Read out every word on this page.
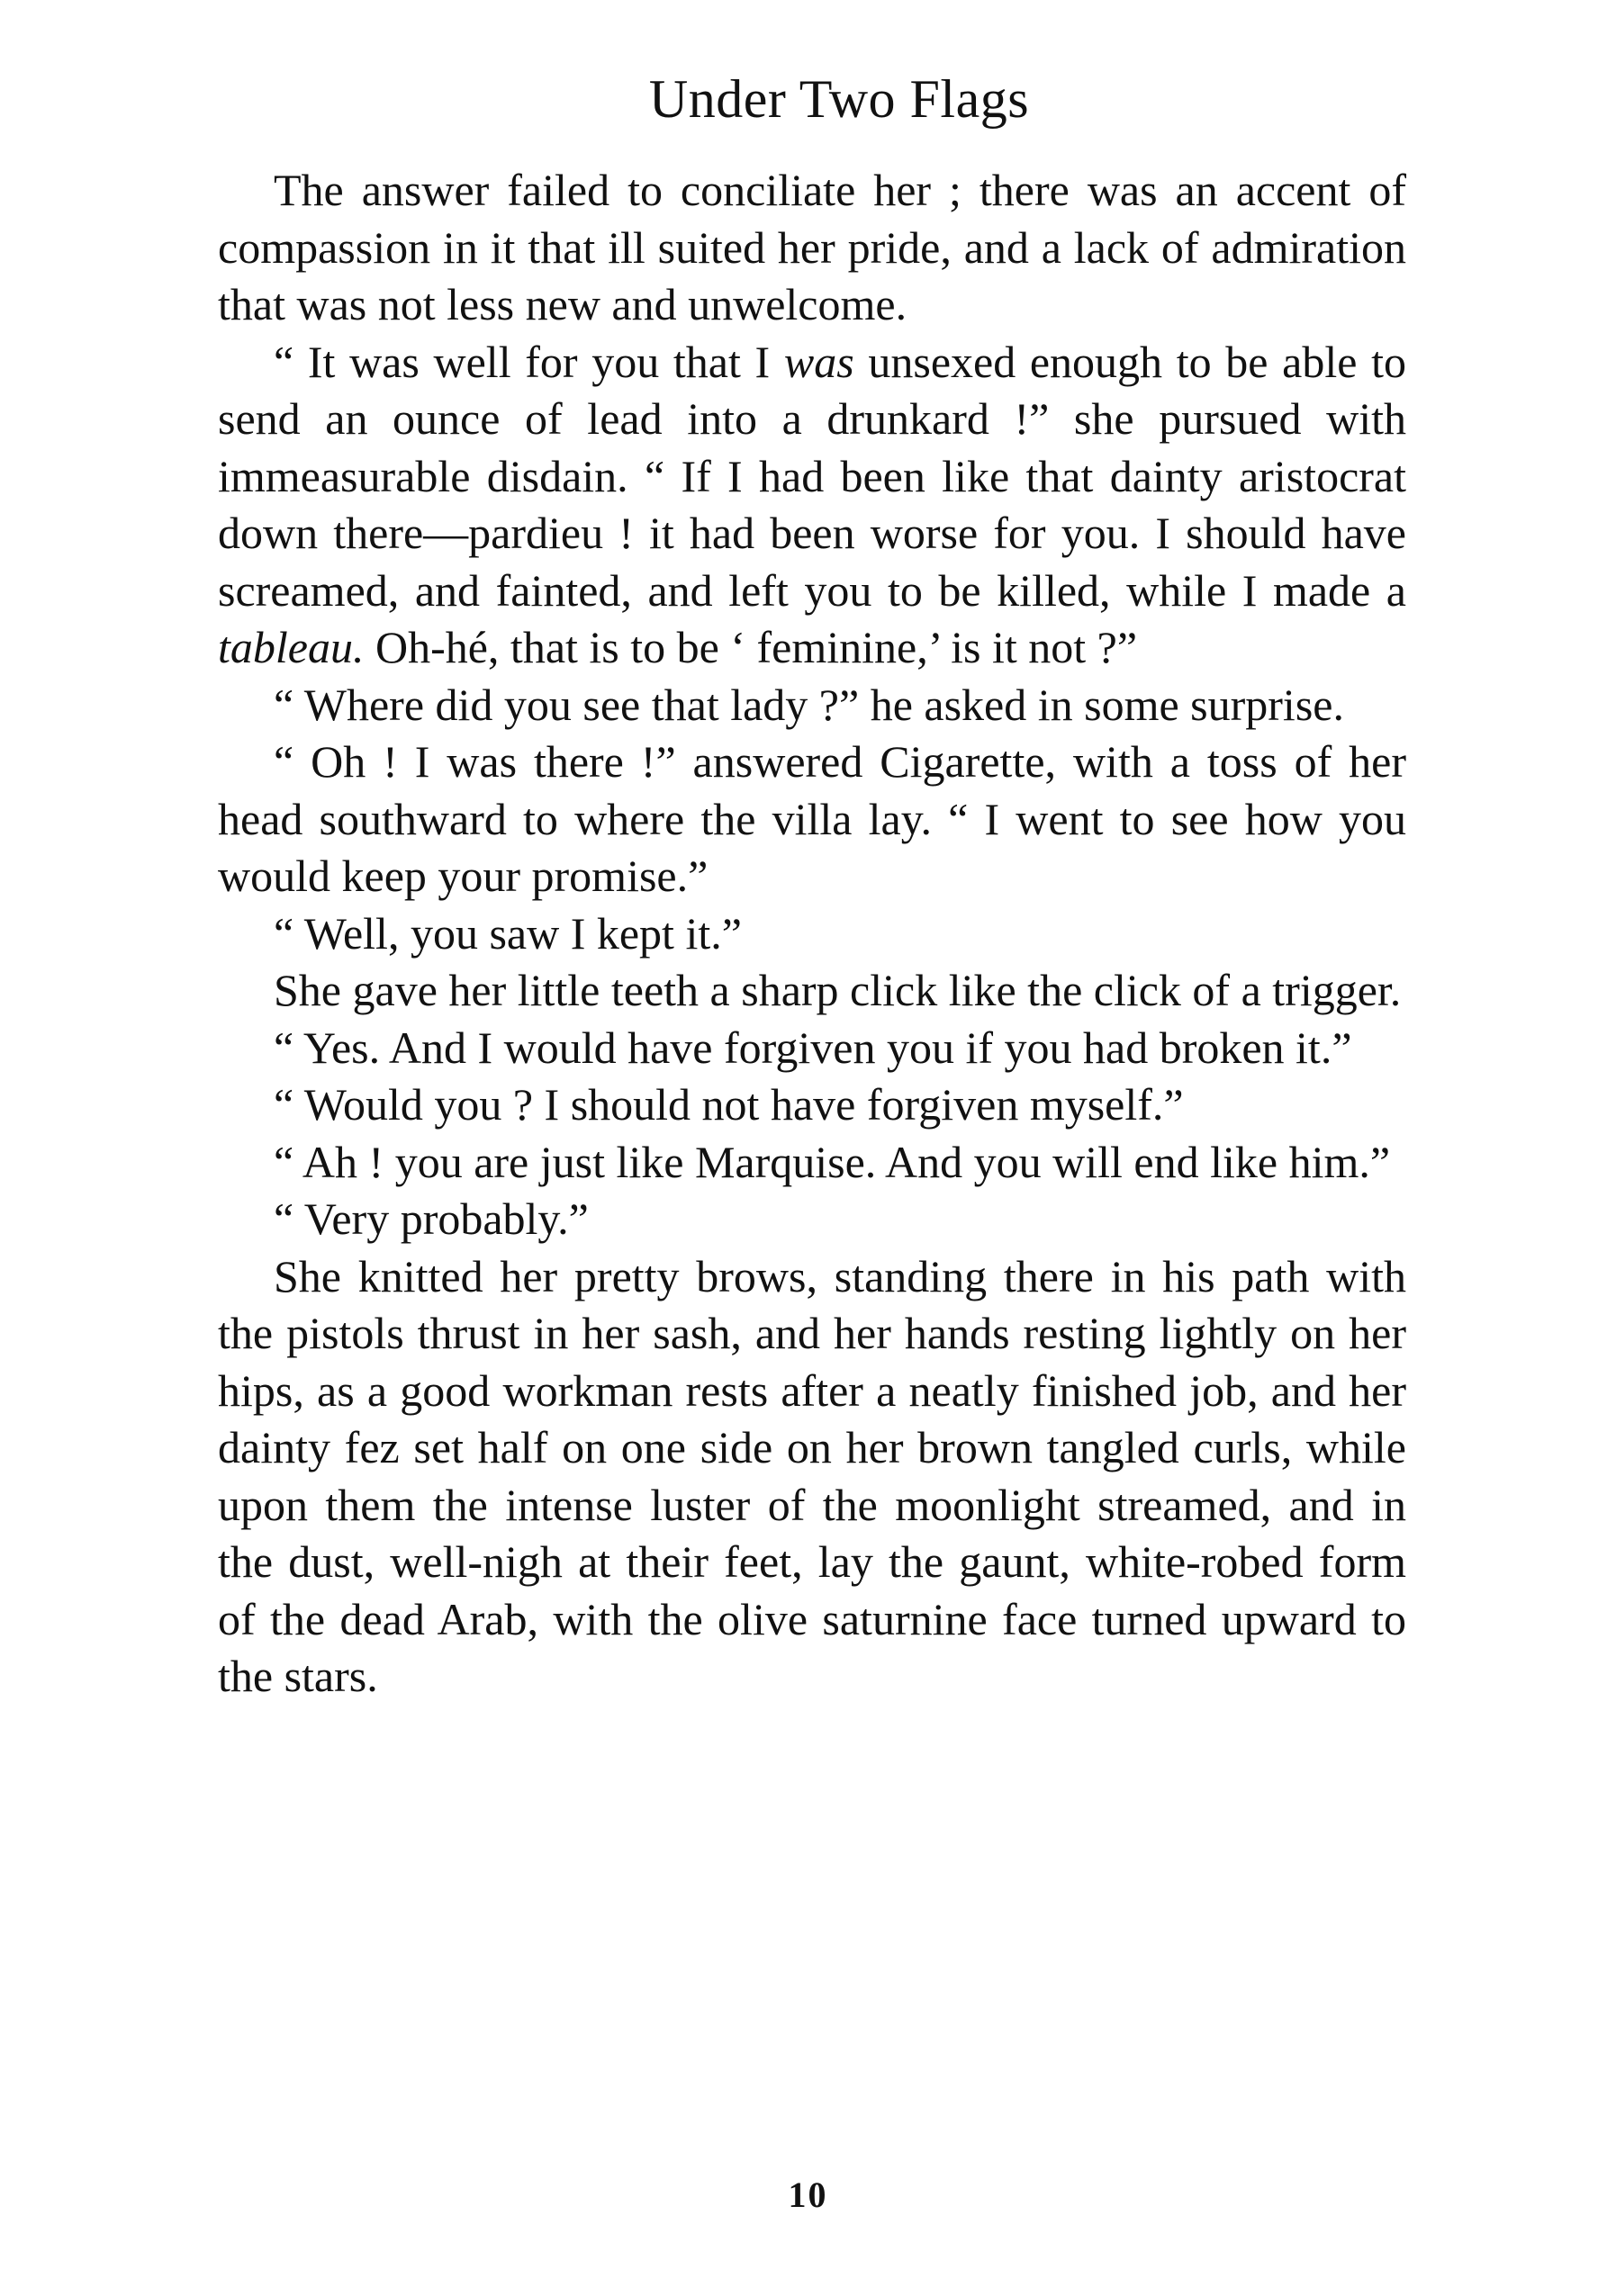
Under Two Flags

The answer failed to conciliate her ; there was an accent of compassion in it that ill suited her pride, and a lack of admiration that was not less new and unwelcome.

“ It was well for you that I was unsexed enough to be able to send an ounce of lead into a drunkard !” she pursued with immeasurable disdain. “ If I had been like that dainty aristocrat down there—pardieu ! it had been worse for you. I should have screamed, and fainted, and left you to be killed, while I made a tableau. Oh-hé, that is to be ‘ feminine,’ is it not ?”

“ Where did you see that lady ?” he asked in some surprise.

“ Oh ! I was there !” answered Cigarette, with a toss of her head southward to where the villa lay. “ I went to see how you would keep your promise.”

“ Well, you saw I kept it.”

She gave her little teeth a sharp click like the click of a trigger.

“ Yes. And I would have forgiven you if you had broken it.”

“ Would you ? I should not have forgiven myself.”

“ Ah ! you are just like Marquise. And you will end like him.”

“ Very probably.”

She knitted her pretty brows, standing there in his path with the pistols thrust in her sash, and her hands resting lightly on her hips, as a good workman rests after a neatly finished job, and her dainty fez set half on one side on her brown tangled curls, while upon them the intense luster of the moonlight streamed, and in the dust, well-nigh at their feet, lay the gaunt, white-robed form of the dead Arab, with the olive saturnine face turned upward to the stars.

10
